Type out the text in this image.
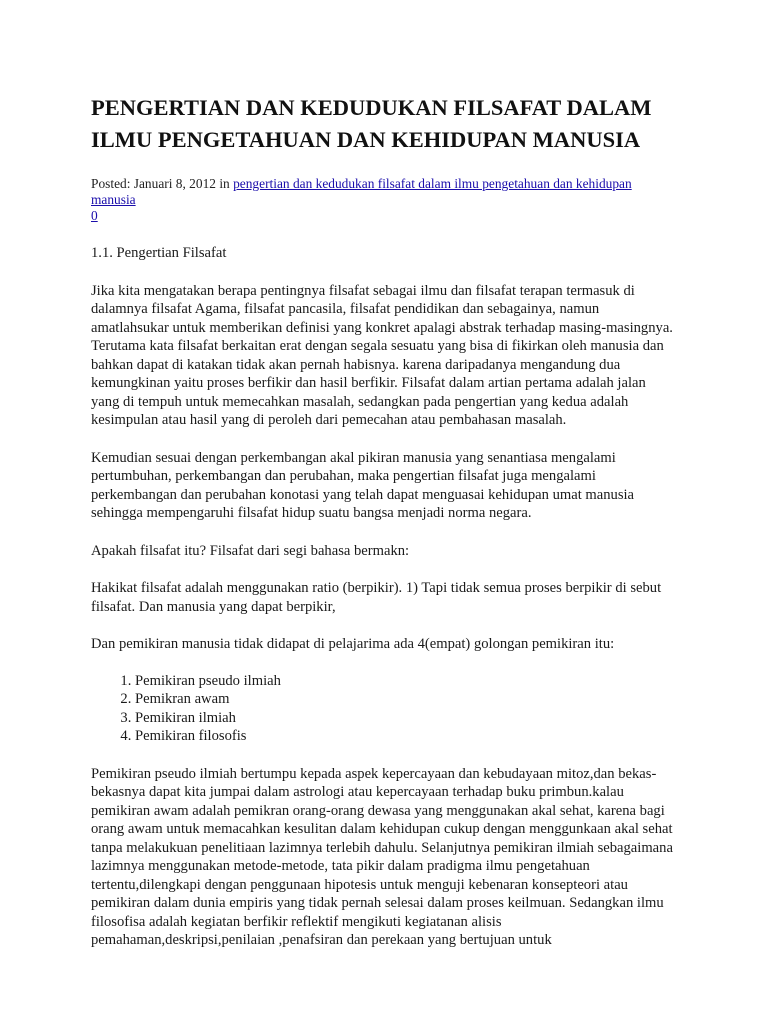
PENGERTIAN DAN KEDUDUKAN FILSAFAT DALAM
ILMU PENGETAHUAN DAN KEHIDUPAN MANUSIA
Posted: Januari 8, 2012 in pengertian dan kedudukan filsafat dalam ilmu pengetahuan dan kehidupan manusia
0

1.1. Pengertian Filsafat

Jika kita mengatakan berapa pentingnya filsafat sebagai ilmu dan filsafat terapan termasuk di dalamnya filsafat Agama, filsafat pancasila, filsafat pendidikan dan sebagainya, namun amatlahsukar untuk memberikan definisi yang konkret apalagi abstrak terhadap masing-masingnya. Terutama kata filsafat berkaitan erat dengan segala sesuatu yang bisa di fikirkan oleh manusia dan bahkan dapat di katakan tidak akan pernah habisnya. karena daripadanya mengandung dua kemungkinan yaitu proses berfikir dan hasil berfikir. Filsafat dalam artian pertama adalah jalan yang di tempuh untuk memecahkan masalah, sedangkan pada pengertian yang kedua adalah kesimpulan atau hasil yang di peroleh dari pemecahan atau pembahasan masalah.

Kemudian sesuai dengan perkembangan akal pikiran manusia yang senantiasa mengalami pertumbuhan, perkembangan dan perubahan, maka pengertian filsafat juga mengalami perkembangan dan perubahan konotasi yang telah dapat menguasai kehidupan umat manusia sehingga mempengaruhi filsafat hidup suatu bangsa menjadi norma negara.

Apakah filsafat itu? Filsafat dari segi bahasa bermakn:

Hakikat filsafat adalah menggunakan ratio (berpikir). 1) Tapi tidak semua proses berpikir di sebut filsafat. Dan manusia yang dapat berpikir,

Dan pemikiran manusia tidak didapat di pelajarima ada 4(empat) golongan pemikiran itu:

1. Pemikiran pseudo ilmiah
2. Pemikran awam
3. Pemikiran ilmiah
4. Pemikiran filosofis

Pemikiran pseudo ilmiah bertumpu kepada aspek kepercayaan dan kebudayaan mitoz,dan bekas-bekasnya dapat kita jumpai dalam astrologi atau kepercayaan terhadap buku primbun.kalau pemikiran awam adalah pemikran orang-orang dewasa yang menggunakan akal sehat, karena bagi orang awam untuk memacahkan kesulitan dalam kehidupan cukup dengan menggunkaan akal sehat tanpa melakukuan penelitiaan lazimnya terlebih dahulu. Selanjutnya pemikiran ilmiah sebagaimana lazimnya menggunakan metode-metode, tata pikir dalam pradigma ilmu pengetahuan tertentu,dilengkapi dengan penggunaan hipotesis untuk menguji kebenaran konsepteori atau pemikiran dalam dunia empiris yang tidak pernah selesai dalam proses keilmuan. Sedangkan ilmu filosofisa adalah kegiatan berfikir reflektif mengikuti kegiatanan alisis pemahaman,deskripsi,penilaian ,penafsiran dan perekaan yang bertujuan untuk
